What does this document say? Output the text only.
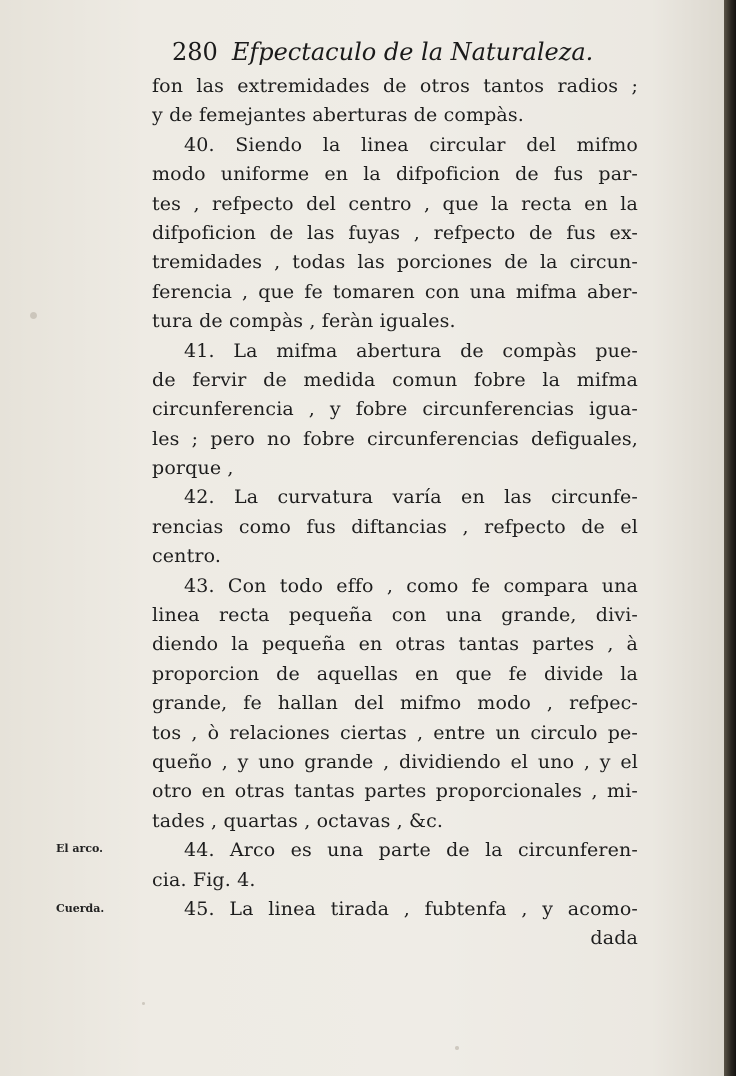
280 Efpectaculo de la Naturaleza.
fon las extremidades de otros tantos radios ;
y de femejantes aberturas de compàs.
40. Siendo la linea circular del mifmo
modo uniforme en la difpoficion de fus par-
tes , refpecto del centro , que la recta en la
difpoficion de las fuyas , refpecto de fus ex-
tremidades , todas las porciones de la circun-
ferencia , que fe tomaren con una mifma aber-
tura de compàs , feràn iguales.
41. La mifma abertura de compàs pue-
de fervir de medida comun fobre la mifma
circunferencia , y fobre circunferencias igua-
les ; pero no fobre circunferencias defiguales,
porque ,
42. La curvatura varía en las circunfe-
rencias como fus diftancias , refpecto de el
centro.
43. Con todo effo , como fe compara una
linea recta pequeña con una grande, divi-
diendo la pequeña en otras tantas partes , à
proporcion de aquellas en que fe divide la
grande, fe hallan del mifmo modo , refpec-
tos , ò relaciones ciertas , entre un circulo pe-
queño , y uno grande , dividiendo el uno , y el
otro en otras tantas partes proporcionales , mi-
tades , quartas , octavas , &c.
44. Arco es una parte de la circunferen-
cia. Fig. 4.
45. La linea tirada , fubtenfa , y acomo-
dada
El arco.
Cuerda.
